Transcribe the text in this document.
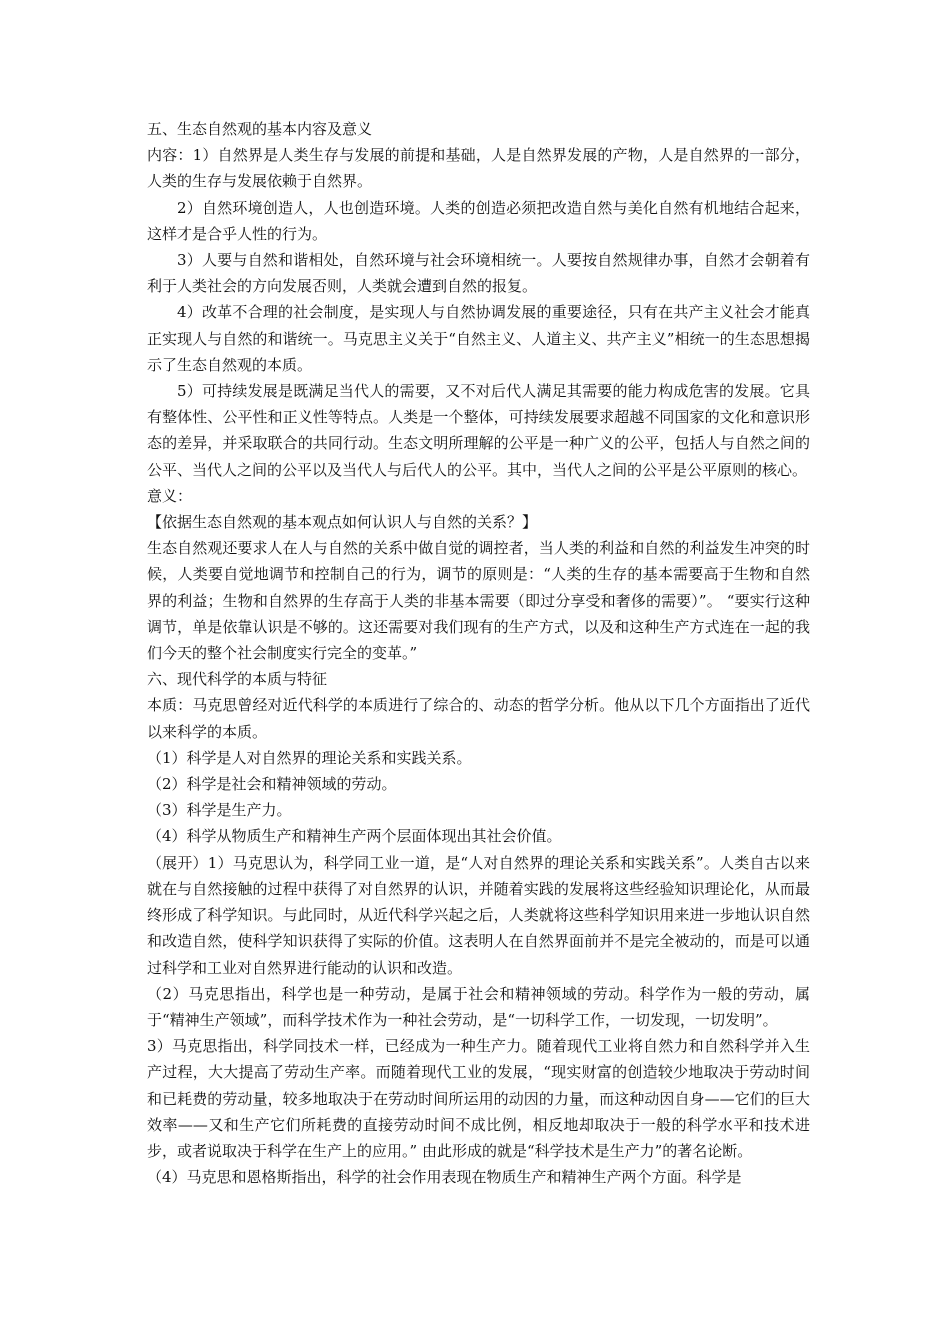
五、生态自然观的基本内容及意义

内容：1）自然界是人类生存与发展的前提和基础，人是自然界发展的产物，人是自然界的一部分，人类的生存与发展依赖于自然界。

2）自然环境创造人，人也创造环境。人类的创造必须把改造自然与美化自然有机地结合起来，这样才是合乎人性的行为。

3）人要与自然和谐相处，自然环境与社会环境相统一。人要按自然规律办事，自然才会朝着有利于人类社会的方向发展否则，人类就会遭到自然的报复。

4）改革不合理的社会制度，是实现人与自然协调发展的重要途径，只有在共产主义社会才能真正实现人与自然的和谐统一。马克思主义关于“自然主义、人道主义、共产主义”相统一的生态思想揭示了生态自然观的本质。

5）可持续发展是既满足当代人的需要，又不对后代人满足其需要的能力构成危害的发展。它具有整体性、公平性和正义性等特点。人类是一个整体，可持续发展要求超越不同国家的文化和意识形态的差异，并采取联合的共同行动。生态文明所理解的公平是一种广义的公平，包括人与自然之间的公平、当代人之间的公平以及当代人与后代人的公平。其中，当代人之间的公平是公平原则的核心。

意义：

【依据生态自然观的基本观点如何认识人与自然的关系？】

生态自然观还要求人在人与自然的关系中做自觉的调控者，当人类的利益和自然的利益发生冲突的时候，人类要自觉地调节和控制自己的行为，调节的原则是：“人类的生存的基本需要高于生物和自然界的利益；生物和自然界的生存高于人类的非基本需要（即过分享受和奢侈的需要）”。 “要实行这种调节，单是依靠认识是不够的。这还需要对我们现有的生产方式，以及和这种生产方式连在一起的我们今天的整个社会制度实行完全的变革。”

六、现代科学的本质与特征

本质：马克思曾经对近代科学的本质进行了综合的、动态的哲学分析。他从以下几个方面指出了近代以来科学的本质。

（1）科学是人对自然界的理论关系和实践关系。

（2）科学是社会和精神领域的劳动。

（3）科学是生产力。

（4）科学从物质生产和精神生产两个层面体现出其社会价值。

（展开）1）马克思认为，科学同工业一道，是“人对自然界的理论关系和实践关系”。人类自古以来就在与自然接触的过程中获得了对自然界的认识，并随着实践的发展将这些经验知识理论化，从而最终形成了科学知识。与此同时，从近代科学兴起之后，人类就将这些科学知识用来进一步地认识自然和改造自然，使科学知识获得了实际的价值。这表明人在自然界面前并不是完全被动的，而是可以通过科学和工业对自然界进行能动的认识和改造。

（2）马克思指出，科学也是一种劳动，是属于社会和精神领域的劳动。科学作为一般的劳动，属于“精神生产领域”，而科学技术作为一种社会劳动，是“一切科学工作，一切发现，一切发明”。

3）马克思指出，科学同技术一样，已经成为一种生产力。随着现代工业将自然力和自然科学并入生产过程，大大提高了劳动生产率。而随着现代工业的发展，“现实财富的创造较少地取决于劳动时间和已耗费的劳动量，较多地取决于在劳动时间所运用的动因的力量，而这种动因自身——它们的巨大效率——又和生产它们所耗费的直接劳动时间不成比例，相反地却取决于一般的科学水平和技术进步，或者说取决于科学在生产上的应用。” 由此形成的就是“科学技术是生产力”的著名论断。

（4）马克思和恩格斯指出，科学的社会作用表现在物质生产和精神生产两个方面。科学是
